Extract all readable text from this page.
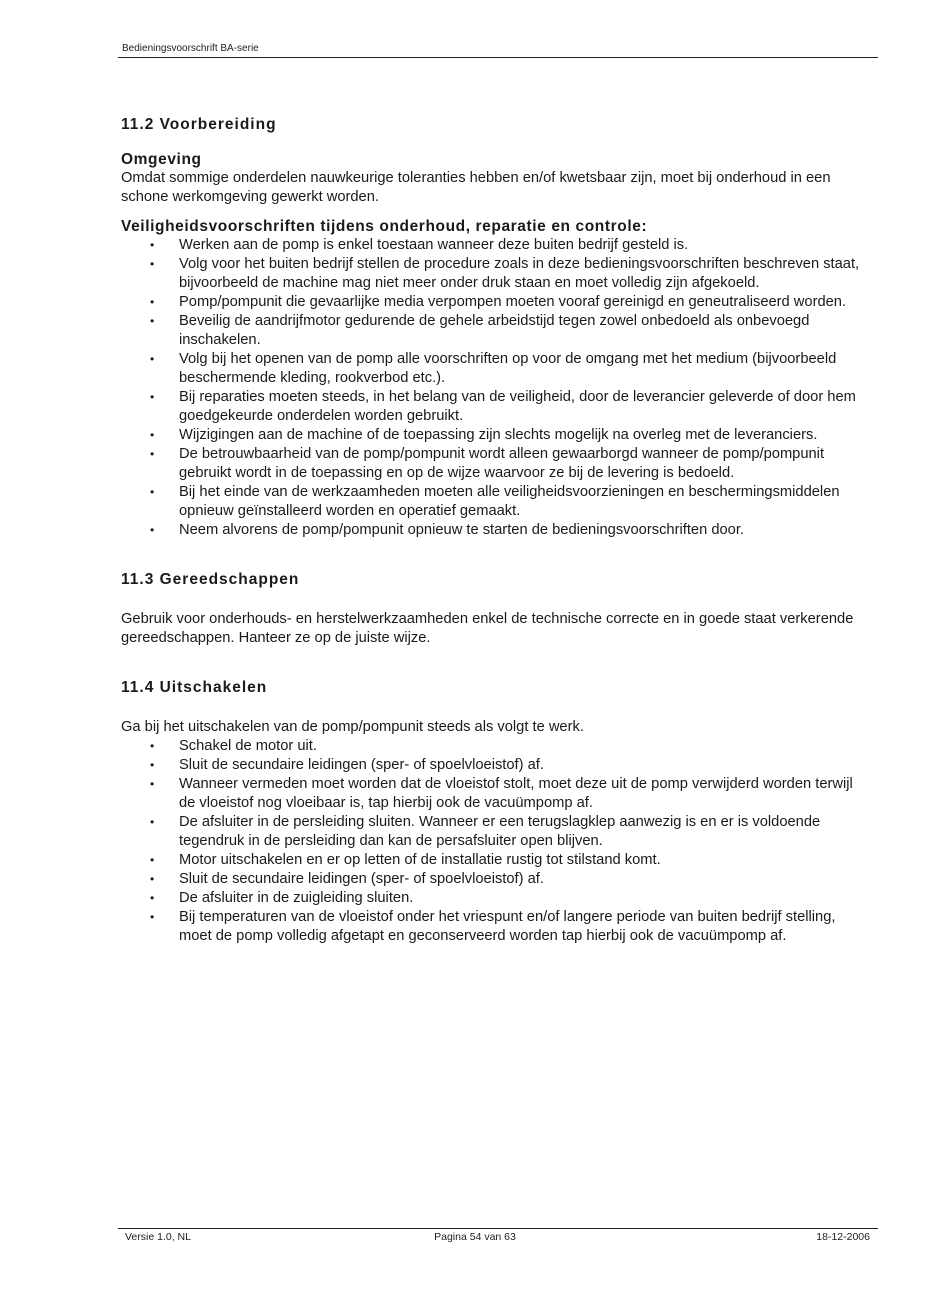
Bedieningsvoorschrift BA-serie
11.2 Voorbereiding
Omgeving

Omdat sommige onderdelen nauwkeurige toleranties hebben en/of kwetsbaar zijn, moet bij onderhoud in een schone werkomgeving gewerkt worden.

Veiligheidsvoorschriften tijdens onderhoud, reparatie en controle:
• Werken aan de pomp is enkel toestaan wanneer deze buiten bedrijf gesteld is.
• Volg voor het buiten bedrijf stellen de procedure zoals in deze bedieningsvoorschriften beschreven staat, bijvoorbeeld de machine mag niet meer onder druk staan en moet volledig zijn afgekoeld.
• Pomp/pompunit die gevaarlijke media verpompen moeten vooraf gereinigd en geneutraliseerd worden.
• Beveilig de aandrijfmotor gedurende de gehele arbeidstijd tegen zowel onbedoeld als onbevoegd inschakelen.
• Volg bij het openen van de pomp alle voorschriften op voor de omgang met het medium (bijvoorbeeld beschermende kleding, rookverbod etc.).
• Bij reparaties moeten steeds, in het belang van de veiligheid, door de leverancier geleverde of door hem goedgekeurde onderdelen worden gebruikt.
• Wijzigingen aan de machine of de toepassing zijn slechts mogelijk na overleg met de leveranciers.
• De betrouwbaarheid van de pomp/pompunit wordt alleen gewaarborgd wanneer de pomp/pompunit gebruikt wordt in de toepassing en op de wijze waarvoor ze bij de levering is bedoeld.
• Bij het einde van de werkzaamheden moeten alle veiligheidsvoorzieningen en beschermingsmiddelen opnieuw geïnstalleerd worden en operatief gemaakt.
• Neem alvorens de pomp/pompunit opnieuw te starten de bedieningsvoorschriften door.
11.3 Gereedschappen

Gebruik voor onderhouds- en herstelwerkzaamheden enkel de technische correcte en in goede staat verkerende gereedschappen. Hanteer ze op de juiste wijze.

11.4 Uitschakelen

Ga bij het uitschakelen van de pomp/pompunit steeds als volgt te werk.

• Schakel de motor uit.
• Sluit de secundaire leidingen (sper- of spoelvloeistof) af.
• Wanneer vermeden moet worden dat de vloeistof stolt, moet deze uit de pomp verwijderd worden terwijl de vloeistof nog vloeibaar is, tap hierbij ook de vacuümpomp af.
• De afsluiter in de persleiding sluiten. Wanneer er een terugslagklep aanwezig is en er is voldoende tegendruk in de persleiding dan kan de persafsluiter open blijven.
• Motor uitschakelen en er op letten of de installatie rustig tot stilstand komt.
• Sluit de secundaire leidingen (sper- of spoelvloeistof) af.
• De afsluiter in de zuigleiding sluiten.
• Bij temperaturen van de vloeistof onder het vriespunt en/of langere periode van buiten bedrijf stelling, moet de pomp volledig afgetapt en geconserveerd worden tap hierbij ook de vacuümpomp af.
Versie 1.0, NL	Pagina 54 van 63	18-12-2006
